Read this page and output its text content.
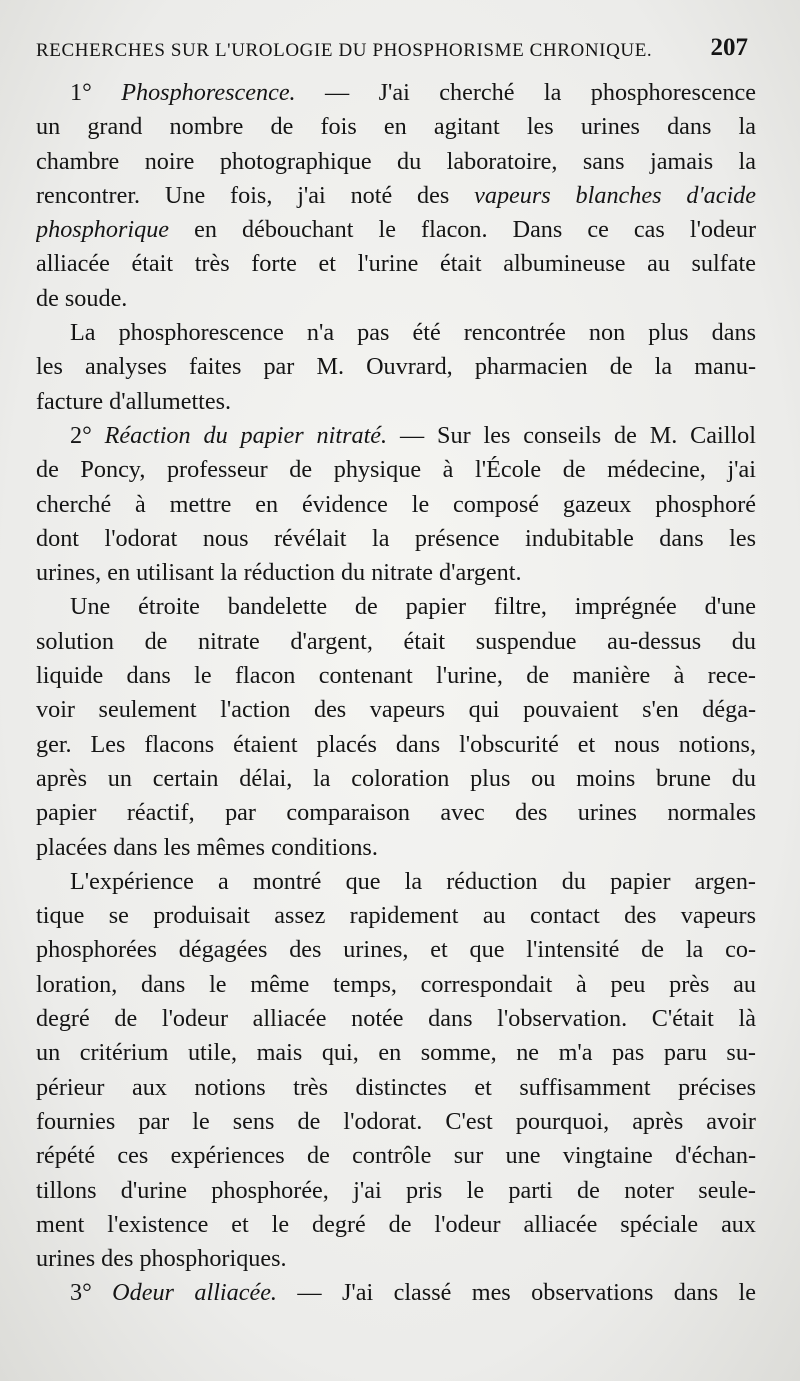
RECHERCHES SUR L'UROLOGIE DU PHOSPHORISME CHRONIQUE. 207
1° Phosphorescence. — J'ai cherché la phosphorescence
un grand nombre de fois en agitant les urines dans la
chambre noire photographique du laboratoire, sans jamais la
rencontrer. Une fois, j'ai noté des vapeurs blanches d'acide
phosphorique en débouchant le flacon. Dans ce cas l'odeur
alliacée était très forte et l'urine était albumineuse au sulfate
de soude.
La phosphorescence n'a pas été rencontrée non plus dans
les analyses faites par M. Ouvrard, pharmacien de la manu-
facture d'allumettes.
2° Réaction du papier nitraté. — Sur les conseils de M. Caillol
de Poncy, professeur de physique à l'École de médecine, j'ai
cherché à mettre en évidence le composé gazeux phosphoré
dont l'odorat nous révélait la présence indubitable dans les
urines, en utilisant la réduction du nitrate d'argent.
Une étroite bandelette de papier filtre, imprégnée d'une
solution de nitrate d'argent, était suspendue au-dessus du
liquide dans le flacon contenant l'urine, de manière à rece-
voir seulement l'action des vapeurs qui pouvaient s'en déga-
ger. Les flacons étaient placés dans l'obscurité et nous notions,
après un certain délai, la coloration plus ou moins brune du
papier réactif, par comparaison avec des urines normales
placées dans les mêmes conditions.
L'expérience a montré que la réduction du papier argen-
tique se produisait assez rapidement au contact des vapeurs
phosphorées dégagées des urines, et que l'intensité de la co-
loration, dans le même temps, correspondait à peu près au
degré de l'odeur alliacée notée dans l'observation. C'était là
un critérium utile, mais qui, en somme, ne m'a pas paru su-
périeur aux notions très distinctes et suffisamment précises
fournies par le sens de l'odorat. C'est pourquoi, après avoir
répété ces expériences de contrôle sur une vingtaine d'échan-
tillons d'urine phosphorée, j'ai pris le parti de noter seule-
ment l'existence et le degré de l'odeur alliacée spéciale aux
urines des phosphoriques.
3° Odeur alliacée. — J'ai classé mes observations dans le
